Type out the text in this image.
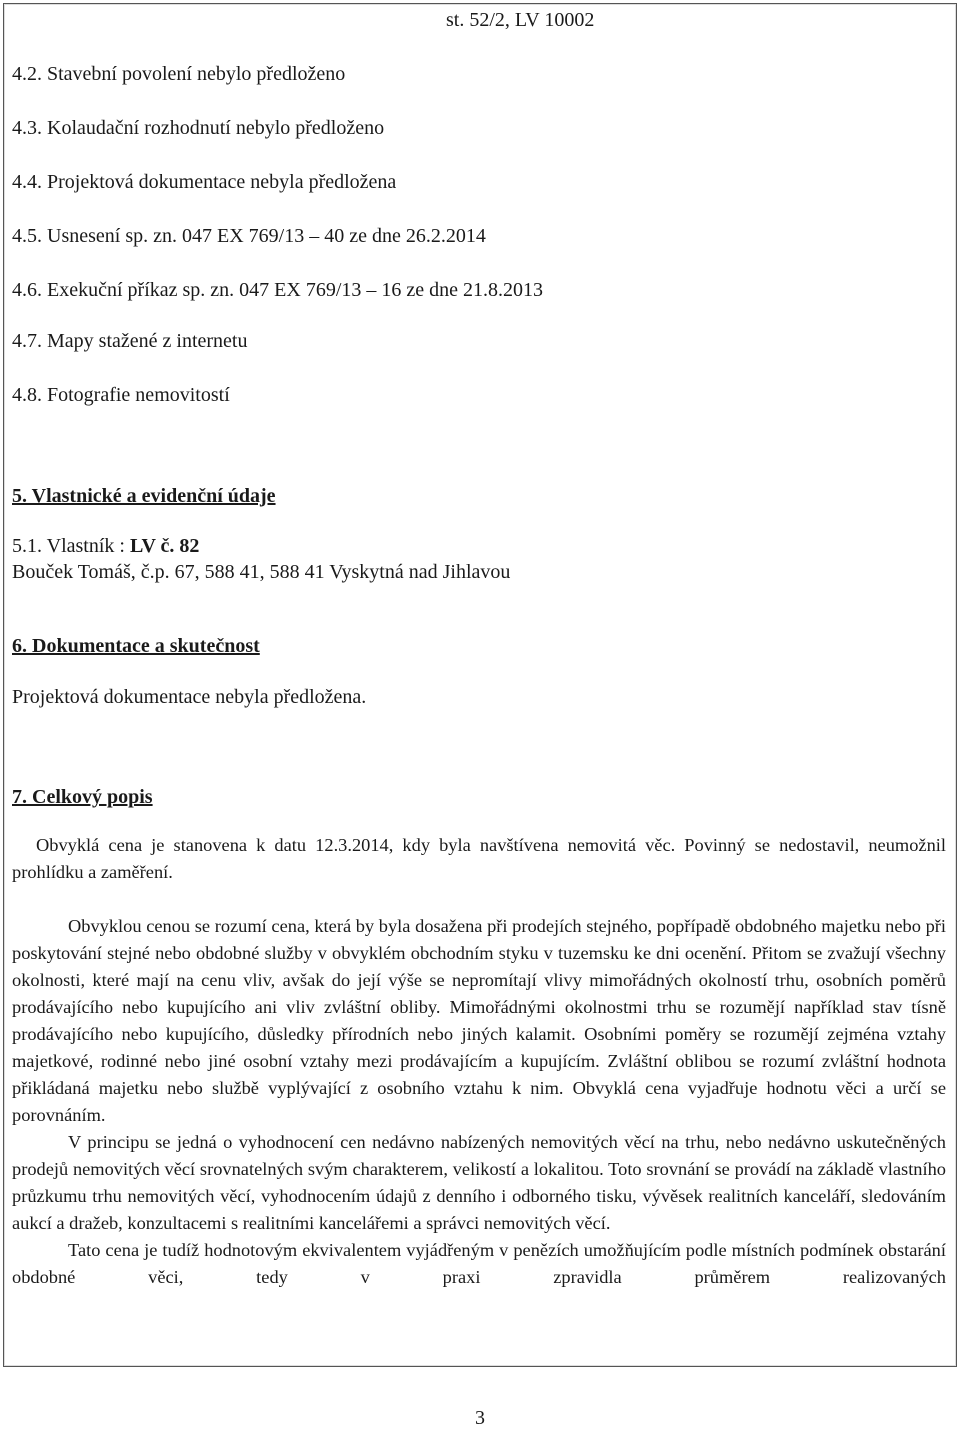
st. 52/2, LV 10002
4.2. Stavební povolení nebylo předloženo
4.3. Kolaudační rozhodnutí nebylo předloženo
4.4. Projektová dokumentace nebyla předložena
4.5. Usnesení sp. zn. 047 EX 769/13 – 40 ze dne 26.2.2014
4.6. Exekuční příkaz sp. zn. 047 EX 769/13 – 16 ze dne 21.8.2013
4.7. Mapy stažené z internetu
4.8. Fotografie nemovitostí
5. Vlastnické a evidenční údaje
5.1. Vlastník : LV č. 82
Bouček Tomáš, č.p. 67, 588 41, 588 41 Vyskytná nad Jihlavou
6. Dokumentace a skutečnost
Projektová dokumentace nebyla předložena.
7. Celkový popis

Obvyklá cena je stanovena k datu 12.3.2014, kdy byla navštívena nemovitá věc. Povinný se nedostavil, neumožnil prohlídku a zaměření.

Obvyklou cenou se rozumí cena, která by byla dosažena při prodejích stejného, popřípadě obdobného majetku nebo při poskytování stejné nebo obdobné služby v obvyklém obchodním styku v tuzemsku ke dni ocenění. Přitom se zvažují všechny okolnosti, které mají na cenu vliv, avšak do její výše se nepromítají vlivy mimořádných okolností trhu, osobních poměrů prodávajícího nebo kupujícího ani vliv zvláštní obliby. Mimořádnými okolnostmi trhu se rozumějí například stav tísně prodávajícího nebo kupujícího, důsledky přírodních nebo jiných kalamit. Osobními poměry se rozumějí zejména vztahy majetkové, rodinné nebo jiné osobní vztahy mezi prodávajícím a kupujícím. Zvláštní oblibou se rozumí zvláštní hodnota přikládaná majetku nebo službě vyplývající z osobního vztahu k nim. Obvyklá cena vyjadřuje hodnotu věci a určí se porovnáním.

V principu se jedná o vyhodnocení cen nedávno nabízených nemovitých věcí na trhu, nebo nedávno uskutečněných prodejů nemovitých věcí srovnatelných svým charakterem, velikostí a lokalitou. Toto srovnání se provádí na základě vlastního průzkumu trhu nemovitých věcí, vyhodnocením údajů z denního i odborného tisku, vývěsek realitních kanceláří, sledováním aukcí a dražeb, konzultacemi s realitními kancelářemi a správci nemovitých věcí.

Tato cena je tudíž hodnotovým ekvivalentem vyjádřeným v penězích umožňujícím podle místních podmínek obstarání obdobné věci, tedy v praxi zpravidla průměrem realizovaných

3
